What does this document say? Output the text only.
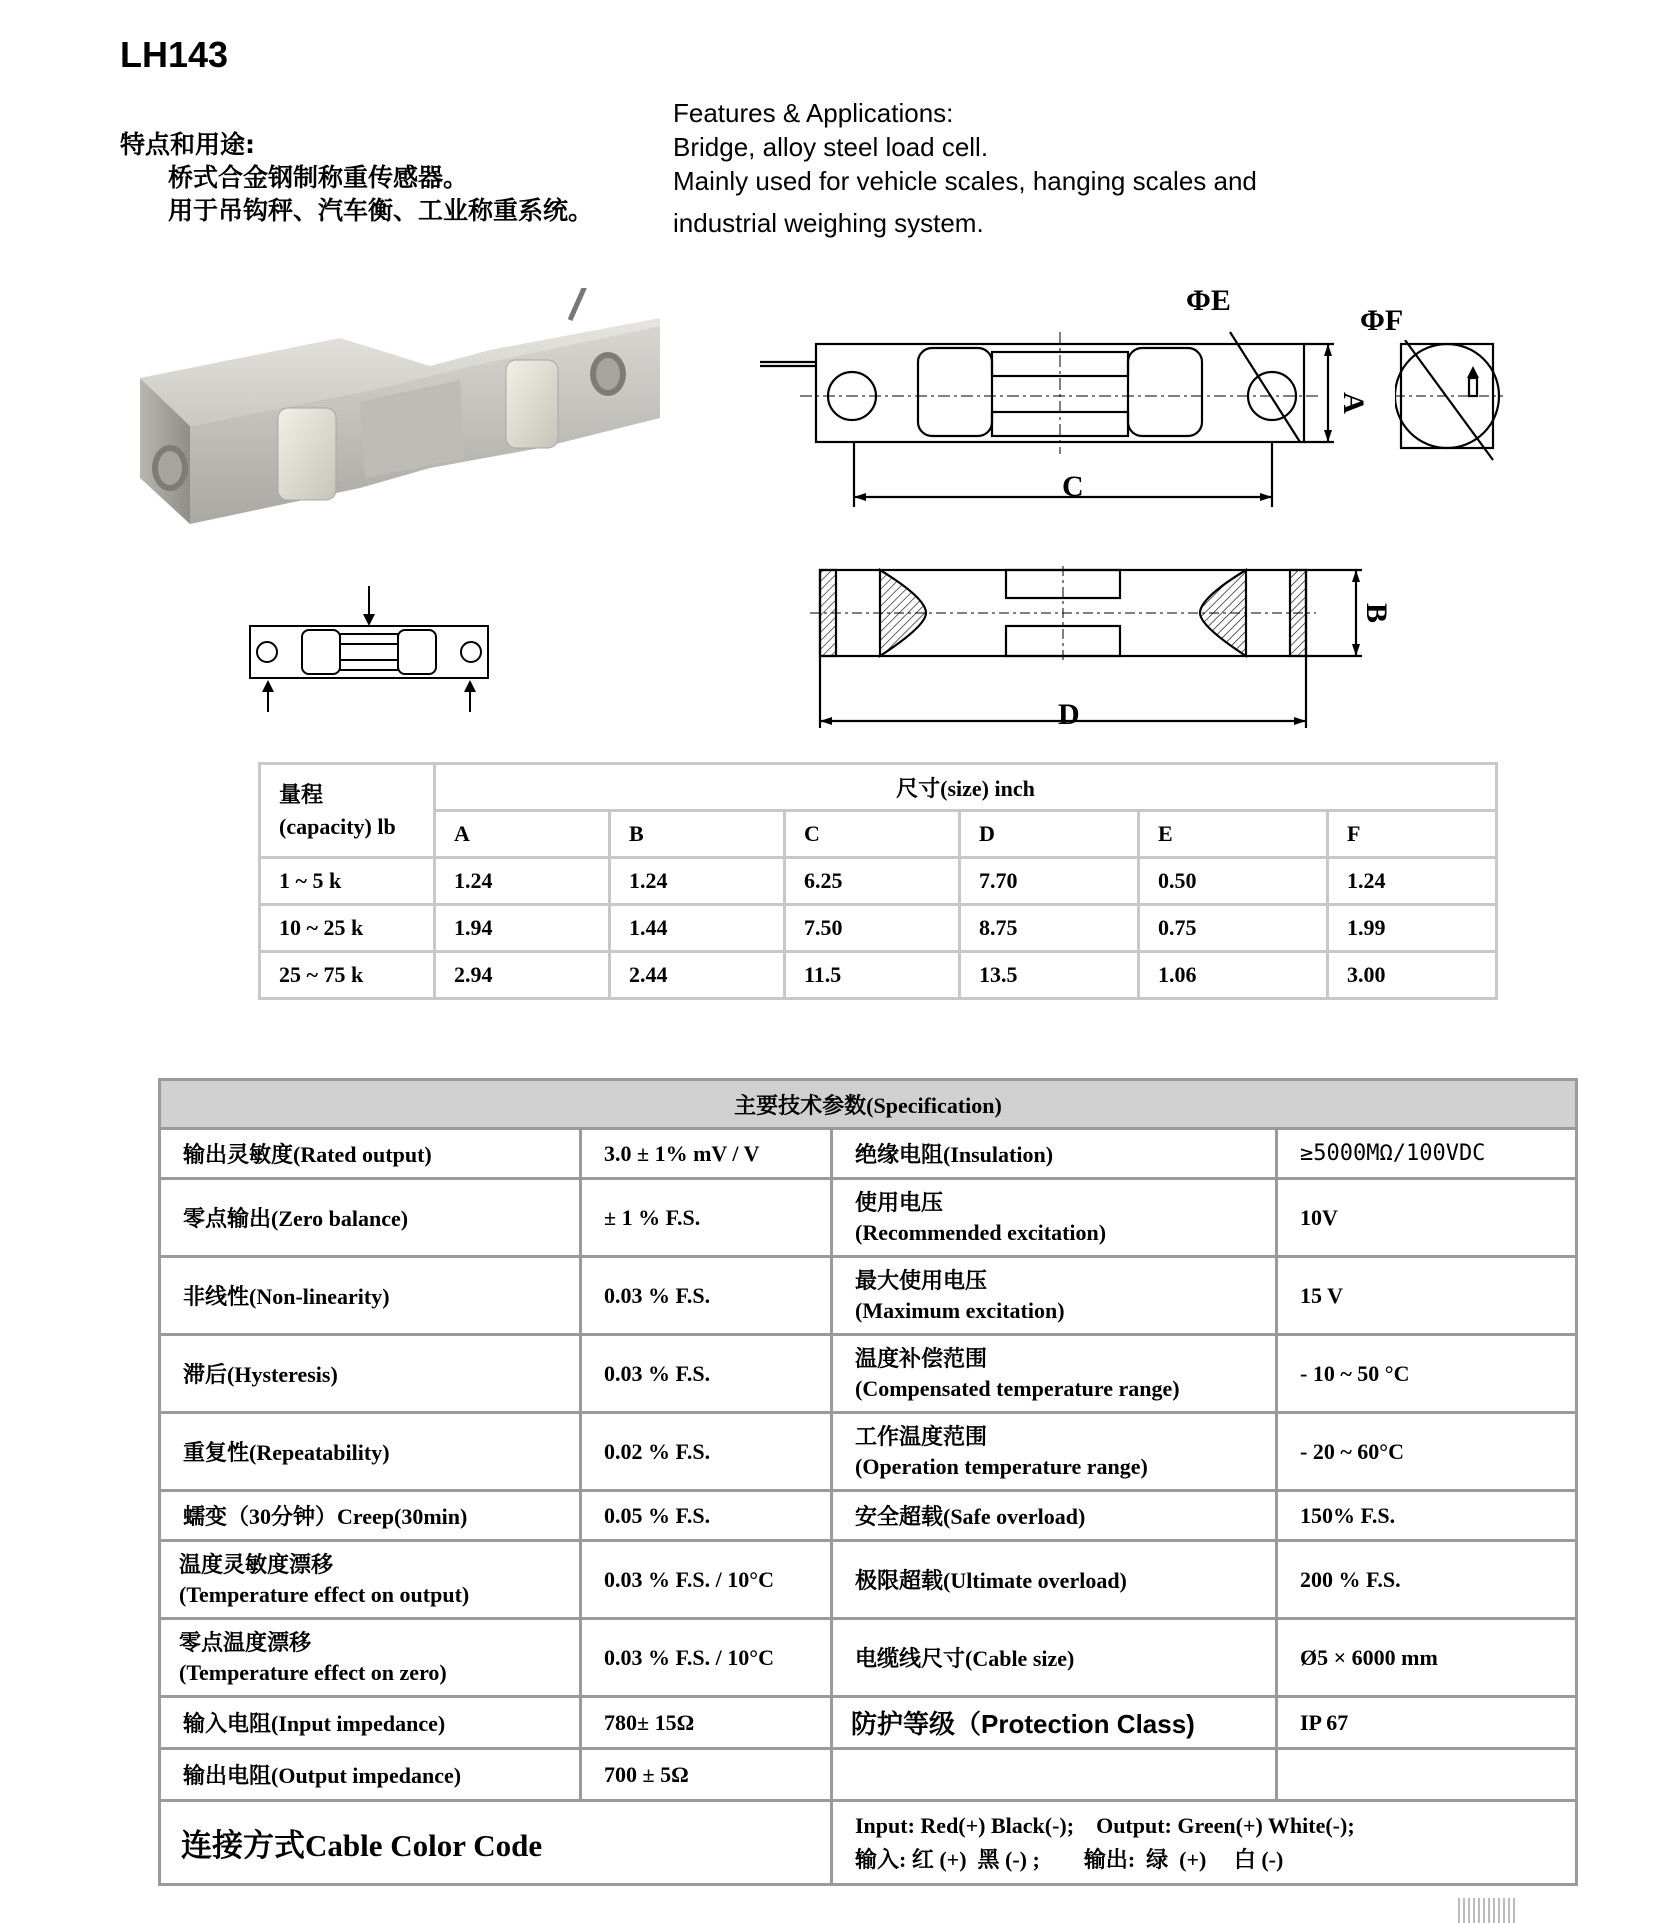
LH143
特点和用途:

桥式合金钢制称重传感器。
用于吊钩秤、汽车衡、工业称重系统。
Features & Applications:
Bridge, alloy steel load cell.
Mainly used for vehicle scales, hanging scales and
industrial weighing system.
ΦE
C
A
ΦF
D
B
量程
(capacity) lb	尺寸(size) inch					
	A	B	C	D	E	F
1 ~ 5 k	1.24	1.24	6.25	7.70	0.50	1.24
10 ~ 25 k	1.94	1.44	7.50	8.75	0.75	1.99
25 ~ 75 k	2.94	2.44	11.5	13.5	1.06	3.00
主要技术参数(Specification)			
输出灵敏度(Rated output)	3.0 ± 1% mV / V	绝缘电阻(Insulation)	≥5000MΩ/100VDC
零点输出(Zero balance)	± 1 % F.S.	使用电压
(Recommended excitation)	10V
非线性(Non-linearity)	0.03 % F.S.	最大使用电压
(Maximum excitation)	15 V
滞后(Hysteresis)	0.03 % F.S.	温度补偿范围
(Compensated temperature range)	- 10 ~ 50 °C
重复性(Repeatability)	0.02 % F.S.	工作温度范围
(Operation temperature range)	- 20 ~ 60°C
蠕变（30分钟）Creep(30min)	0.05 % F.S.	安全超载(Safe overload)	150% F.S.
温度灵敏度漂移
(Temperature effect on output)	0.03 % F.S. / 10°C	极限超载(Ultimate overload)	200 % F.S.
零点温度漂移
(Temperature effect on zero)	0.03 % F.S. / 10°C	电缆线尺寸(Cable size)	Ø5 × 6000 mm
输入电阻(Input impedance)	780± 15Ω	防护等级（Protection Class)	IP 67
输出电阻(Output impedance)	700 ± 5Ω		
连接方式Cable Color Code		Input: Red(+) Black(-);    Output: Green(+) White(-);
输入: 红 (+)  黑 (-) ;        输出:  绿  (+)     白 (-)	
